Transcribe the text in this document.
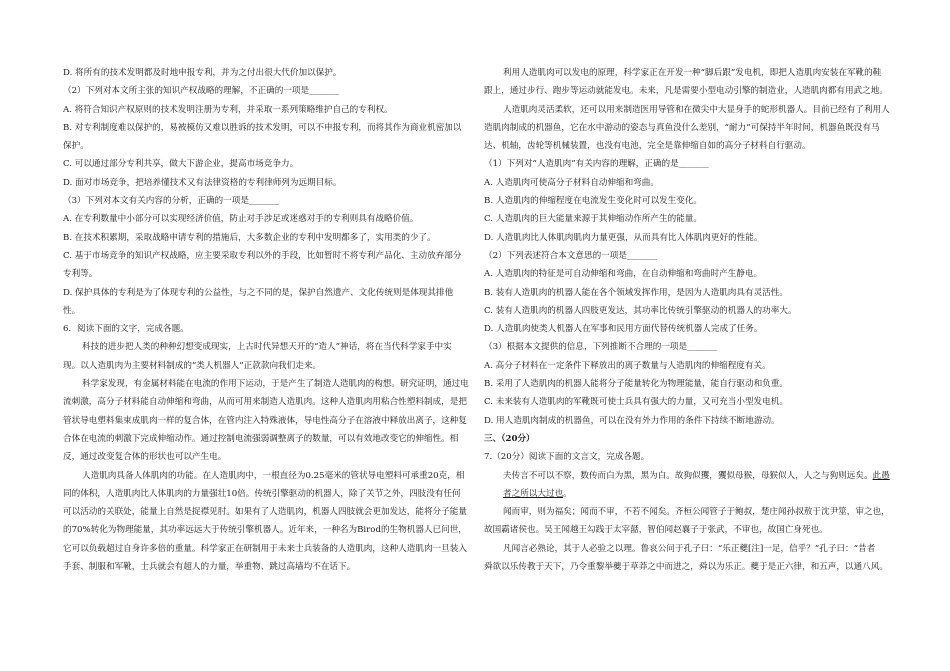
D. 将所有的技术发明都及时地申报专利，并为之付出很大代价加以保护。
（2）下列对本文所主张的知识产权战略的理解，不正确的一项是_______
A. 将符合知识产权原则的技术发明注册为专利，并采取一系列策略维护自己的专利权。
B. 对专利制度难以保护的，易被模仿又难以胜诉的技术发明，可以不申报专利，而将其作为商业机密加以
保护。
C. 可以通过部分专利共享，做大下游企业，提高市场竞争力。
D. 面对市场竞争，把培养懂技术又有法律资格的专利律师列为远期目标。
（3）下列对本文有关内容的分析，正确的一项是_______
A. 在专利数量中小部分可以实现经济价值，防止对手涉足或迷惑对手的专利则具有战略价值。
B. 在技术积累期，采取战略申请专利的措施后，大多数企业的专利中发明都多了，实用类的少了。
C. 基于市场竞争的知识产权战略，应主要采取专利以外的手段，比如暂时不将专利产品化、主动放弃部分
专利等。
D. 保护具体的专利是为了体现专利的公益性，与之不同的是，保护自然遗产、文化传统则是体现其排他
性。
6．阅读下面的文字，完成各题。
科技的进步把人类的种种幻想变成现实，上古时代异想天开的“造人”神话，将在当代科学家手中实
现。以人造肌肉为主要材料制成的“类人机器人”正款款向我们走来。
科学家发现，有金属材料能在电流的作用下运动，于是产生了制造人造肌肉的构想。研究证明，通过电
流刺激，高分子材料能自动伸缩和弯曲，从而可用来制造人造肌肉。这种人造肌肉用粘合性塑料制成，是把
管状导电塑料集束成肌肉一样的复合体，在管内注入特殊液体，导电性高分子在溶液中释放出离子，这种复
合体在电流的刺激下完成伸缩动作。通过控制电流强弱调整离子的数量，可以有效地改变它的伸缩性。相
反，通过改变复合体的形状也可以产生电。
人造肌肉具备人体肌肉的功能。在人造肌肉中，一根直径为0.25毫米的管状导电塑料可承重20克，相
同的体积，人造肌肉比人体肌肉的力量强壮10倍。传统引擎驱动的机器人，除了关节之外，四肢没有任何
可以活动的关联处，能量上自然是捉襟见肘。如果有了人造肌肉，机器人四肢就会更加发达，能将分子能量
的70%转化为物理能量，其功率远远大于传统引擎机器人。近年来，一种名为Birod的生物机器人已问世，
它可以负载超过自身许多倍的重量。科学家正在研制用于未来士兵装备的人造肌肉，这种人造肌肉一旦装入
手套、制服和军靴，士兵就会有超人的力量，举重物、跳过高墙均不在话下。
利用人造肌肉可以发电的原理，科学家正在开发一种“脚后跟”发电机，即把人造肌肉安装在军靴的鞋
跟上，通过步行、跑步等运动就能发电。未来，凡是需要小型电动引擎的制造业，人造肌肉都有用武之地。
人造肌肉灵活柔软，还可以用来制造医用导管和在微尖中大显身手的蛇形机器人。目前已经有了利用人
造肌肉制成的机器鱼，它在水中游动的姿态与真鱼没什么差别，“耐力”可保持半年时间，机器鱼既没有马
达、机轴，齿轮等机械装置，也没有电池，完全是靠伸缩自如的高分子材料自行驱动。
（1）下列对“人造肌肉”有关内容的理解，正确的是_______
A. 人造肌肉可使高分子材料自动伸缩和弯曲。
B. 人造肌肉的伸缩程度在电流发生变化时可以发生变化。
C. 人造肌肉的巨大能量来源于其伸缩动作所产生的能量。
D. 人造肌肉比人体肌肉肌肉力量更强，从而具有比人体肌肉更好的性能。
（2）下列表述符合本文意思的一项是_______
A. 人造肌肉的特征是可自动伸缩和弯曲，在自动伸缩和弯曲时产生静电。
B. 装有人造肌肉的机器人能在各个领域发挥作用，是因为人造肌肉具有灵活性。
C. 装有人造肌肉的机器人四肢更发达，其功率比传统引擎驱动的机器人的功率大。
D. 人造肌肉使类人机器人在军事和民用方面代替传统机器人完成了任务。
（3）根据本文提供的信息，下列推断不合理的一项是_______
A. 高分子材料在一定条件下释放出的离子数量与人造肌肉的伸缩程度有关。
B. 采用了人造肌肉的机器人能将分子能量转化为物理能量，能自行驱动和负重。
C. 未来装有人造肌肉的军靴既可使士兵具有强大的力量，又可充当小型发电机。
D. 用人造肌肉制成的机器鱼，可以在没有外力作用的条件下持续不断地游动。
三、（20分）
7.（20分）阅读下面的文言文，完成各题。
夫传言不可以不察，数传而白为黑，黑为白。故狗似玃，玃似母猴，母猴似人，人之与狗则远矣。此愚
者之所以大过也。
闻而审，则为福矣；闻而不审，不若不闻矣。齐桓公闻管子于鲍叔，楚庄闻孙叔敖于沈尹筮，审之也，
故国霸诸侯也。吴王闻越王勾践于太宰嚭，智伯闻赵襄子于张武，不审也，故国亡身死也。
凡闻言必熟论，其于人必验之以理。鲁哀公问于孔子曰：“乐正夔[注]一足，信乎？”孔子曰：“昔者
舜欲以乐传教于天下，乃令重黎举夔于草莽之中而进之，舜以为乐正。夔于是正六律，和五声，以通八风。
